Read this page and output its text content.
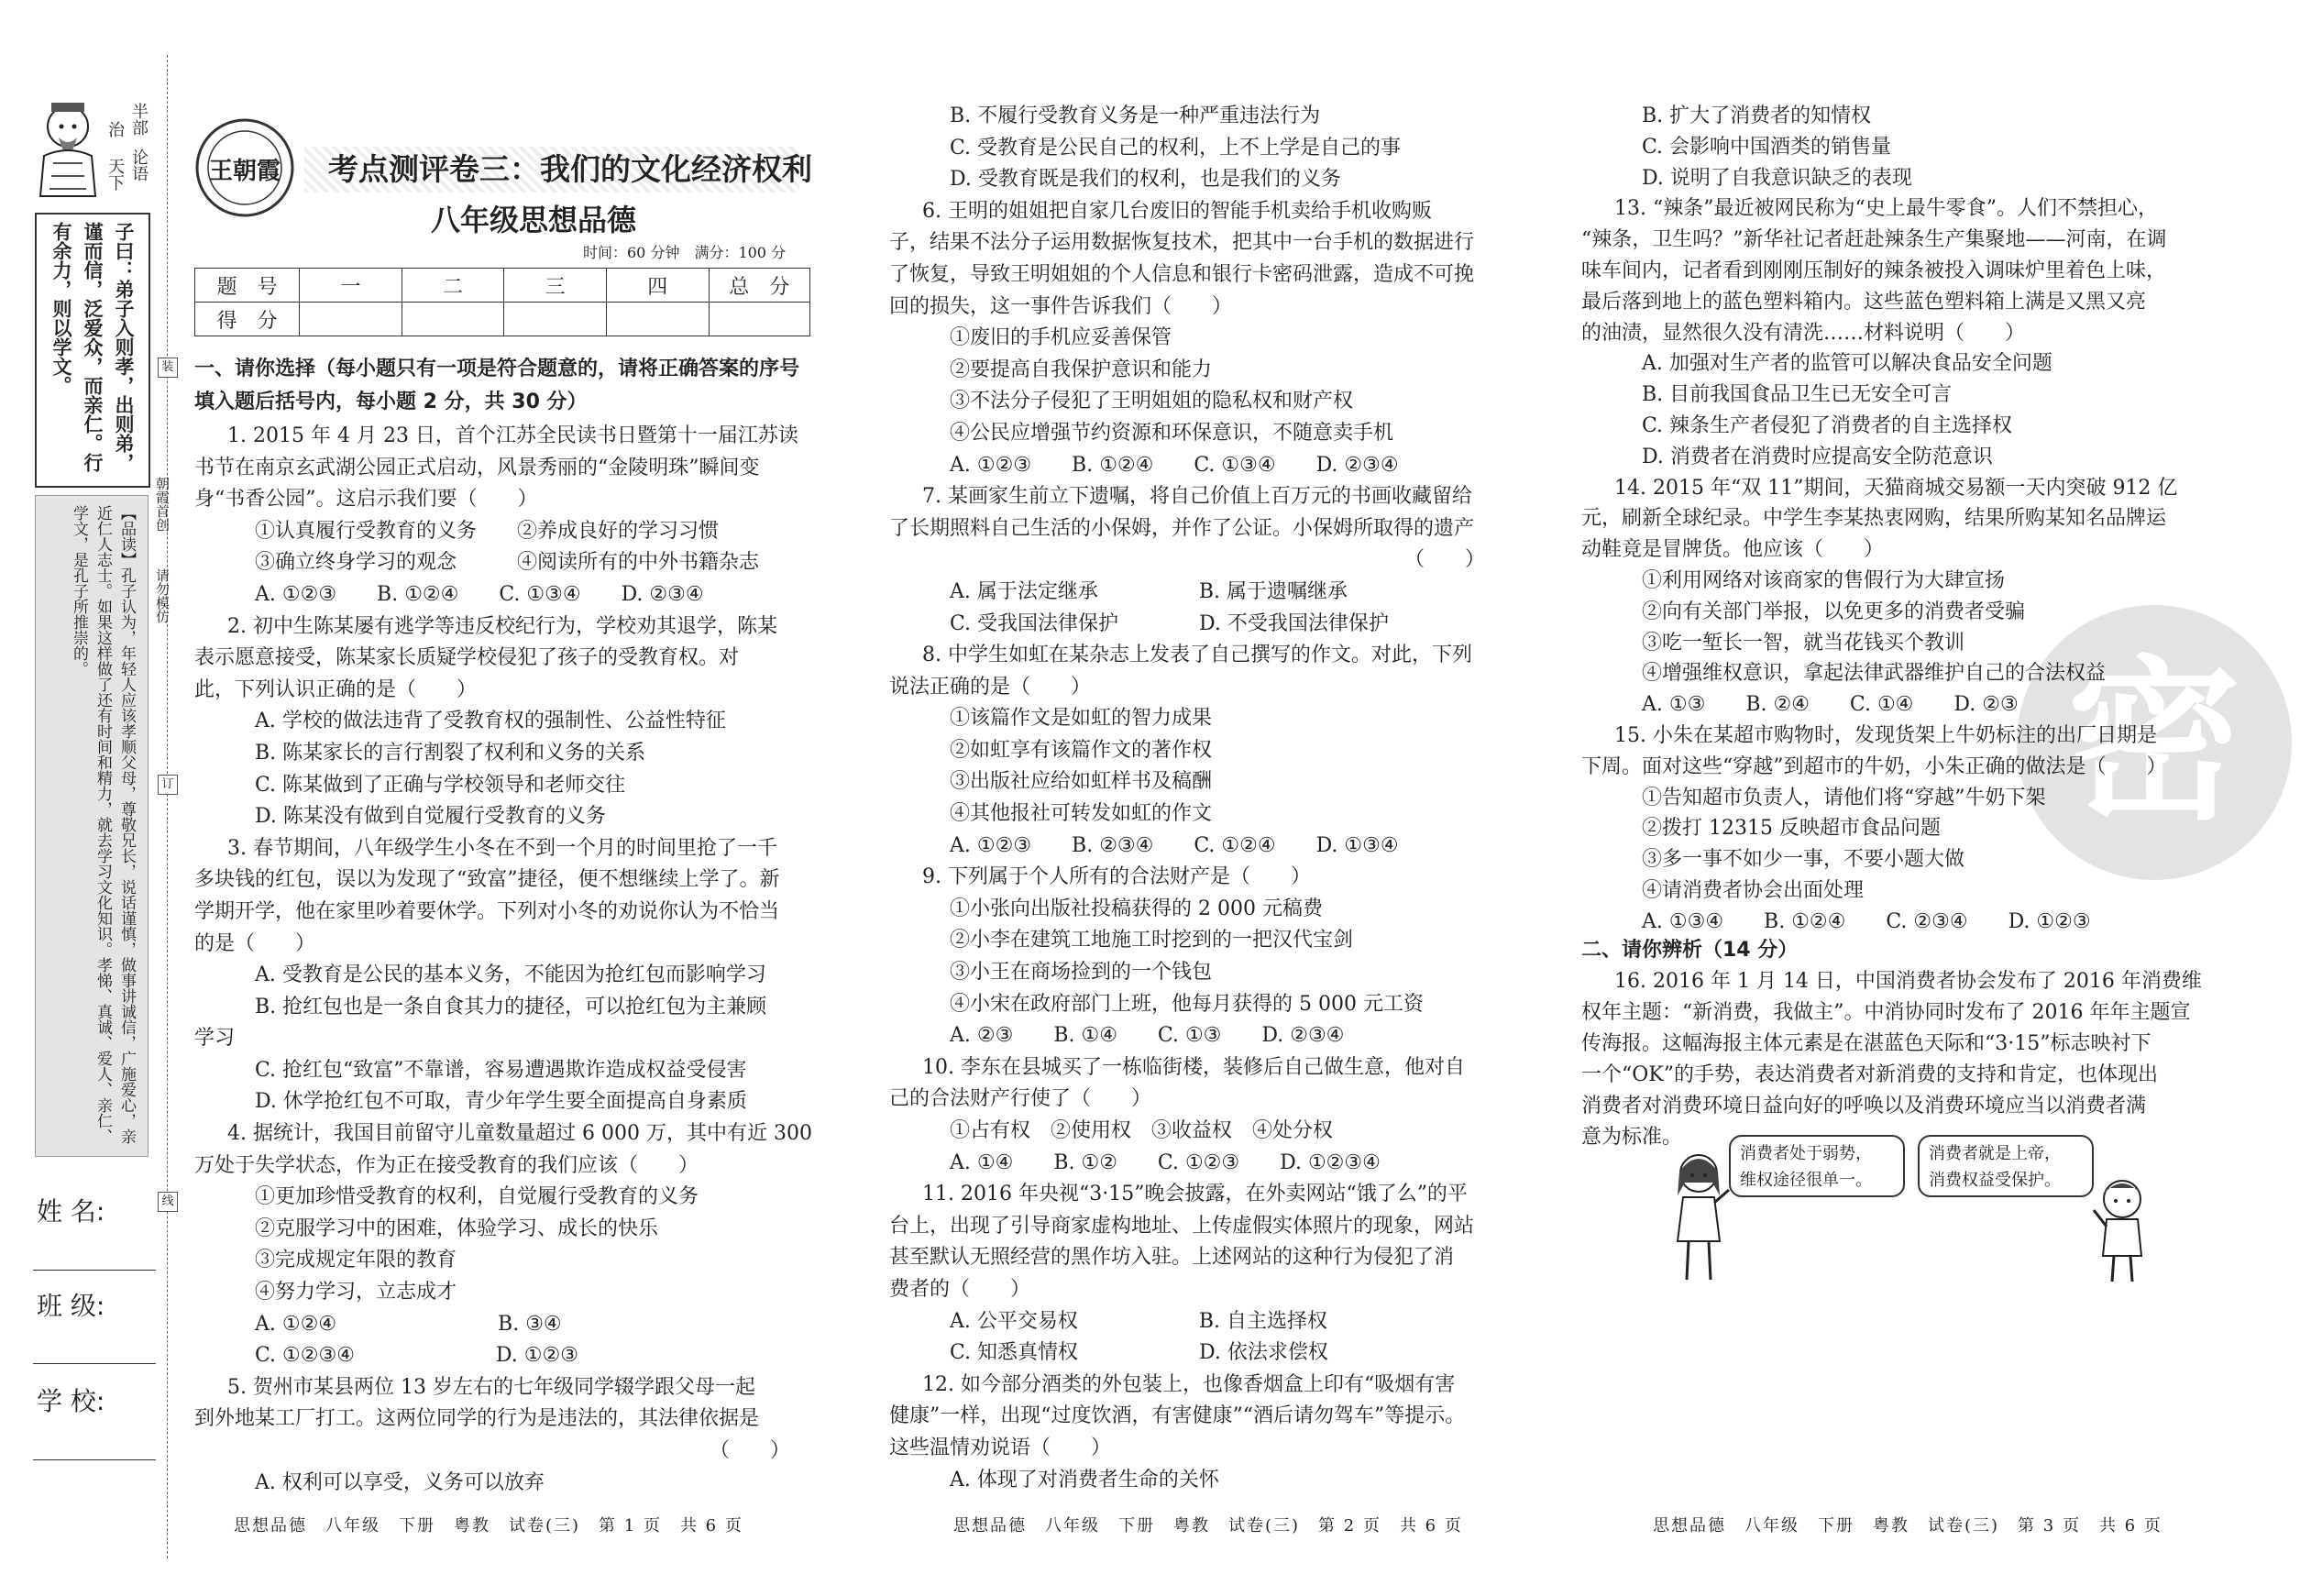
半部
论语
治
天下
子曰：弟子入则孝，出则弟，谨而信，泛爱众，而亲仁。行有余力，则以学文。
【品读】孔子认为，年轻人应该孝顺父母，尊敬兄长，说话谨慎，做事讲诚信，广施爱心，亲近仁人志士。如果这样做了还有时间和精力，就去学习文化知识。孝悌、真诚、爱人、亲仁、学文，是孔子所推崇的。
姓 名:
班 级:
学 校:
装
订
线
朝霞首创
请勿模仿
王朝霞	考点测评卷三：我们的文化经济权利
八年级思想品德
时间：60 分钟　满分：100 分
题　号	一	二	三	四	总　分
得　分					
一、请你选择（每小题只有一项是符合题意的，请将正确答案的序号填入题后括号内，每小题 2 分，共 30 分）
1. 2015 年 4 月 23 日，首个江苏全民读书日暨第十一届江苏读
书节在南京玄武湖公园正式启动，风景秀丽的“金陵明珠”瞬间变
身“书香公园”。这启示我们要（　　）
①认真履行受教育的义务　　②养成良好的学习习惯
③确立终身学习的观念　　　④阅读所有的中外书籍杂志
A. ①②③　　B. ①②④　　C. ①③④　　D. ②③④
2. 初中生陈某屡有逃学等违反校纪行为，学校劝其退学，陈某
表示愿意接受，陈某家长质疑学校侵犯了孩子的受教育权。对
此，下列认识正确的是（　　）
A. 学校的做法违背了受教育权的强制性、公益性特征
B. 陈某家长的言行割裂了权利和义务的关系
C. 陈某做到了正确与学校领导和老师交往
D. 陈某没有做到自觉履行受教育的义务
3. 春节期间，八年级学生小冬在不到一个月的时间里抢了一千
多块钱的红包，误以为发现了“致富”捷径，便不想继续上学了。新
学期开学，他在家里吵着要休学。下列对小冬的劝说你认为不恰当
的是（　　）
A. 受教育是公民的基本义务，不能因为抢红包而影响学习
B. 抢红包也是一条自食其力的捷径，可以抢红包为主兼顾
学习
C. 抢红包“致富”不靠谱，容易遭遇欺诈造成权益受侵害
D. 休学抢红包不可取，青少年学生要全面提高自身素质
4. 据统计，我国目前留守儿童数量超过 6 000 万，其中有近 300
万处于失学状态，作为正在接受教育的我们应该（　　）
①更加珍惜受教育的权利，自觉履行受教育的义务
②克服学习中的困难，体验学习、成长的快乐
③完成规定年限的教育
④努力学习，立志成才
A. ①②④　　　　　　　　B. ③④
C. ①②③④　　　　　　　D. ①②③
5. 贺州市某县两位 13 岁左右的七年级同学辍学跟父母一起
到外地某工厂打工。这两位同学的行为是违法的，其法律依据是
（　　）
A. 权利可以享受，义务可以放弃
B. 不履行受教育义务是一种严重违法行为
C. 受教育是公民自己的权利，上不上学是自己的事
D. 受教育既是我们的权利，也是我们的义务
6. 王明的姐姐把自家几台废旧的智能手机卖给手机收购贩
子，结果不法分子运用数据恢复技术，把其中一台手机的数据进行
了恢复，导致王明姐姐的个人信息和银行卡密码泄露，造成不可挽
回的损失，这一事件告诉我们（　　）
①废旧的手机应妥善保管
②要提高自我保护意识和能力
③不法分子侵犯了王明姐姐的隐私权和财产权
④公民应增强节约资源和环保意识，不随意卖手机
A. ①②③　　B. ①②④　　C. ①③④　　D. ②③④
7. 某画家生前立下遗嘱，将自己价值上百万元的书画收藏留给
了长期照料自己生活的小保姆，并作了公证。小保姆所取得的遗产
（　　）
A. 属于法定继承　　　　　B. 属于遗嘱继承
C. 受我国法律保护　　　　D. 不受我国法律保护
8. 中学生如虹在某杂志上发表了自己撰写的作文。对此，下列
说法正确的是（　　）
①该篇作文是如虹的智力成果
②如虹享有该篇作文的著作权
③出版社应给如虹样书及稿酬
④其他报社可转发如虹的作文
A. ①②③　　B. ②③④　　C. ①②④　　D. ①③④
9. 下列属于个人所有的合法财产是（　　）
①小张向出版社投稿获得的 2 000 元稿费
②小李在建筑工地施工时挖到的一把汉代宝剑
③小王在商场捡到的一个钱包
④小宋在政府部门上班，他每月获得的 5 000 元工资
A. ②③　　B. ①④　　C. ①③　　D. ②③④
10. 李东在县城买了一栋临街楼，装修后自己做生意，他对自
己的合法财产行使了（　　）
①占有权　②使用权　③收益权　④处分权
A. ①④　　B. ①②　　C. ①②③　　D. ①②③④
11. 2016 年央视“3·15”晚会披露，在外卖网站“饿了么”的平
台上，出现了引导商家虚构地址、上传虚假实体照片的现象，网站
甚至默认无照经营的黑作坊入驻。上述网站的这种行为侵犯了消
费者的（　　）
A. 公平交易权　　　　　　B. 自主选择权
C. 知悉真情权　　　　　　D. 依法求偿权
12. 如今部分酒类的外包装上，也像香烟盒上印有“吸烟有害
健康”一样，出现“过度饮酒，有害健康”“酒后请勿驾车”等提示。
这些温情劝说语（　　）
A. 体现了对消费者生命的关怀
密
B. 扩大了消费者的知情权
C. 会影响中国酒类的销售量
D. 说明了自我意识缺乏的表现
13. “辣条”最近被网民称为“史上最牛零食”。人们不禁担心，
“辣条，卫生吗？”新华社记者赶赴辣条生产集聚地——河南，在调
味车间内，记者看到刚刚压制好的辣条被投入调味炉里着色上味，
最后落到地上的蓝色塑料箱内。这些蓝色塑料箱上满是又黑又亮
的油渍，显然很久没有清洗……材料说明（　　）
A. 加强对生产者的监管可以解决食品安全问题
B. 目前我国食品卫生已无安全可言
C. 辣条生产者侵犯了消费者的自主选择权
D. 消费者在消费时应提高安全防范意识
14. 2015 年“双 11”期间，天猫商城交易额一天内突破 912 亿
元，刷新全球纪录。中学生李某热衷网购，结果所购某知名品牌运
动鞋竟是冒牌货。他应该（　　）
①利用网络对该商家的售假行为大肆宣扬
②向有关部门举报，以免更多的消费者受骗
③吃一堑长一智，就当花钱买个教训
④增强维权意识，拿起法律武器维护自己的合法权益
A. ①③　　B. ②④　　C. ①④　　D. ②③
15. 小朱在某超市购物时，发现货架上牛奶标注的出厂日期是
下周。面对这些“穿越”到超市的牛奶，小朱正确的做法是（　　）
①告知超市负责人，请他们将“穿越”牛奶下架
②拨打 12315 反映超市食品问题
③多一事不如少一事，不要小题大做
④请消费者协会出面处理
A. ①③④　　B. ①②④　　C. ②③④　　D. ①②③
二、请你辨析（14 分）
16. 2016 年 1 月 14 日，中国消费者协会发布了 2016 年消费维
权年主题：“新消费，我做主”。中消协同时发布了 2016 年年主题宣
传海报。这幅海报主体元素是在湛蓝色天际和“3·15”标志映衬下
一个“OK”的手势，表达消费者对新消费的支持和肯定，也体现出
消费者对消费环境日益向好的呼唤以及消费环境应当以消费者满
意为标准。
消费者处于弱势，
维权途径很单一。
消费者就是上帝，
消费权益受保护。
思想品德　八年级　下册　粤教　试卷(三)　第 1 页　共 6 页	思想品德　八年级　下册　粤教　试卷(三)　第 2 页　共 6 页	思想品德　八年级　下册　粤教　试卷(三)　第 3 页　共 6 页
